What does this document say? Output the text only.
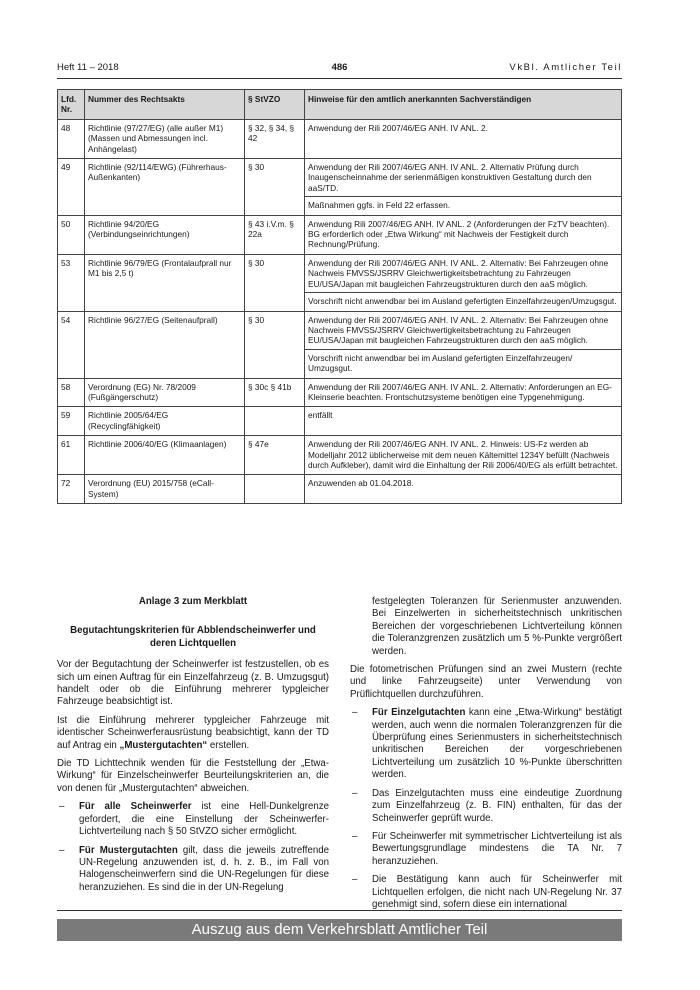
Heft 11 – 2018	486	VkBl. Amtlicher Teil
Lfd. Nr.	Nummer des Rechtsakts	§ StVZO	Hinweise für den amtlich anerkannten Sachverständigen
48	Richtlinie (97/27/EG) (alle außer M1) (Massen und Abmessungen incl. Anhängelast)	§ 32, § 34, § 42	Anwendung der Rili 2007/46/EG ANH. IV ANL. 2.

49	Richtlinie (92/114/EWG) (Führerhaus- Außenkanten)	§ 30	Anwendung der Rili 2007/46/EG ANH. IV ANL. 2. Alternativ Prüfung durch Inaugenscheinnahme der serienmäßigen konstruktiven Gestaltung durch den aaS/TD.
Maßnahmen ggfs. in Feld 22 erfassen.

50	Richtlinie 94/20/EG (Verbindungseinrichtungen)	§ 43 i.V.m. § 22a	Anwendung Rili 2007/46/EG ANH. IV ANL. 2 (Anforderungen der FzTV beachten). BG erforderlich oder „Etwa Wirkung“ mit Nachweis der Festigkeit durch Rechnung/Prüfung.

53	Richtlinie 96/79/EG (Frontalaufprall nur M1 bis 2,5 t)	§ 30	Anwendung der Rili 2007/46/EG ANH. IV ANL. 2. Alternativ: Bei Fahrzeugen ohne Nachweis FMVSS/JSRRV Gleichwertigkeitsbetrachtung zu Fahrzeugen EU/USA/Japan mit baugleichen Fahrzeugstrukturen durch den aaS möglich.
Vorschrift nicht anwendbar bei im Ausland gefertigten Einzelfahrzeugen/Umzugsgut.

54	Richtlinie 96/27/EG (Seitenaufprall)	§ 30	Anwendung der Rili 2007/46/EG ANH. IV ANL. 2. Alternativ: Bei Fahrzeugen ohne Nachweis FMVSS/JSRRV Gleichwertigkeitsbetrachtung zu Fahrzeugen EU/USA/Japan mit baugleichen Fahrzeugstrukturen durch den aaS möglich.
Vorschrift nicht anwendbar bei im Ausland gefertigten Einzelfahrzeugen/ Umzugsgut.

58	Verordnung (EG) Nr. 78/2009 (Fußgängerschutz)	§ 30c § 41b	Anwendung der Rili 2007/46/EG ANH. IV ANL. 2. Alternativ: Anforderungen an EG-Kleinserie beachten. Frontschutzsysteme benötigen eine Typgenehmigung.

59	Richtlinie 2005/64/EG (Recyclingfähigkeit)		entfällt

61	Richtlinie 2006/40/EG (Klimaanlagen)	§ 47e	Anwendung der Rili 2007/46/EG ANH. IV ANL. 2. Hinweis: US-Fz werden ab Modelljahr 2012 üblicherweise mit dem neuen Kältemittel 1234Y befüllt (Nachweis durch Aufkleber), damit wird die Einhaltung der Rili 2006/40/EG als erfüllt betrachtet.

72	Verordnung (EU) 2015/758 (eCall-System)		Anzuwenden ab 01.04.2018.

Anlage 3 zum Merkblatt

Begutachtungskriterien für Abblendscheinwerfer und deren Lichtquellen

Vor der Begutachtung der Scheinwerfer ist festzustellen, ob es sich um einen Auftrag für ein Einzelfahrzeug (z. B. Umzugsgut) handelt oder ob die Einführung mehrerer typgleicher Fahrzeuge beabsichtigt ist.

Ist die Einführung mehrerer typgleicher Fahrzeuge mit identischer Scheinwerferausrüstung beabsichtigt, kann der TD auf Antrag ein „Mustergutachten“ erstellen.

Die TD Lichttechnik wenden für die Feststellung der „Etwa-Wirkung“ für Einzelscheinwerfer Beurteilungskriterien an, die von denen für „Mustergutachten“ abweichen.

– Für alle Scheinwerfer ist eine Hell-Dunkelgrenze gefordert, die eine Einstellung der Scheinwerfer-Lichtverteilung nach § 50 StVZO sicher ermöglicht.

– Für Mustergutachten gilt, dass die jeweils zutreffende UN-Regelung anzuwenden ist, d. h. z. B., im Fall von Halogenscheinwerfern sind die UN-Regelungen für diese heranzuziehen. Es sind die in der UN-Regelung

festgelegten Toleranzen für Serienmuster anzuwenden. Bei Einzelwerten in sicherheitstechnisch unkritischen Bereichen der vorgeschriebenen Lichtverteilung können die Toleranzgrenzen zusätzlich um 5 %-Punkte vergrößert werden.

Die fotometrischen Prüfungen sind an zwei Mustern (rechte und linke Fahrzeugseite) unter Verwendung von Prüflichtquellen durchzuführen.

– Für Einzelgutachten kann eine „Etwa-Wirkung“ bestätigt werden, auch wenn die normalen Toleranzgrenzen für die Überprüfung eines Serienmusters in sicherheitstechnisch unkritischen Bereichen der vorgeschriebenen Lichtverteilung um zusätzlich 10 %-Punkte überschritten werden.

– Das Einzelgutachten muss eine eindeutige Zuordnung zum Einzelfahrzeug (z. B. FIN) enthalten, für das der Scheinwerfer geprüft wurde.

– Für Scheinwerfer mit symmetrischer Lichtverteilung ist als Bewertungsgrundlage mindestens die TA Nr. 7 heranzuziehen.

– Die Bestätigung kann auch für Scheinwerfer mit Lichtquellen erfolgen, die nicht nach UN-Regelung Nr. 37 genehmigt sind, sofern diese ein international

Auszug aus dem Verkehrsblatt Amtlicher Teil
